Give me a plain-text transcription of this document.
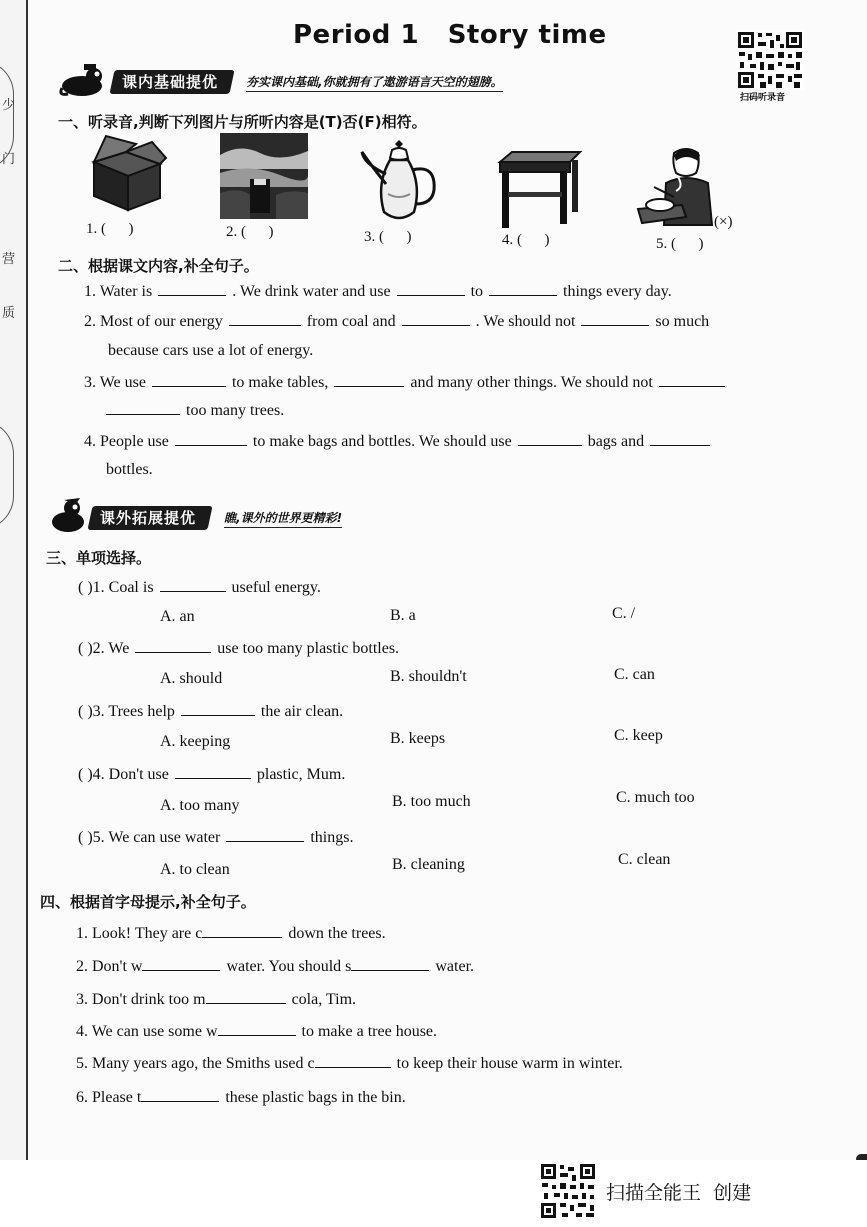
少
门
营
质
Period 1   Story time
扫码听录音
课内基础提优	夯实课内基础,你就拥有了遨游语言天空的翅膀。
一、听录音,判断下列图片与所听内容是(T)否(F)相符。
1. (      )	2. (      )	3. (      )	4. (      )	5. (      )
(×)
二、根据课文内容,补全句子。
1. Water is	. We drink water and use	to	things every day.
2. Most of our energy	from coal and	. We should not	so much
because cars use a lot of energy.
3. We use	to make tables,	and many other things. We should not
too many trees.
4. People use	to make bags and bottles. We should use	bags and
bottles.
课外拓展提优	瞧,课外的世界更精彩!
三、单项选择。
( )1. Coal is	useful energy.
A. an	B. a	C. /
( )2. We	use too many plastic bottles.
A. should	B. shouldn't	C. can
( )3. Trees help	the air clean.
A. keeping	B. keeps	C. keep
( )4. Don't use	plastic, Mum.
A. too many	B. too much	C. much too
( )5. We can use water	things.
A. to clean	B. cleaning	C. clean
四、根据首字母提示,补全句子。
1. Look! They are c	down the trees.
2. Don't w	water. You should s	water.
3. Don't drink too m	cola, Tim.
4. We can use some w	to make a tree house.
5. Many years ago, the Smiths used c	to keep their house warm in winter.
6. Please t	these plastic bags in the bin.
扫描全能王  创建
